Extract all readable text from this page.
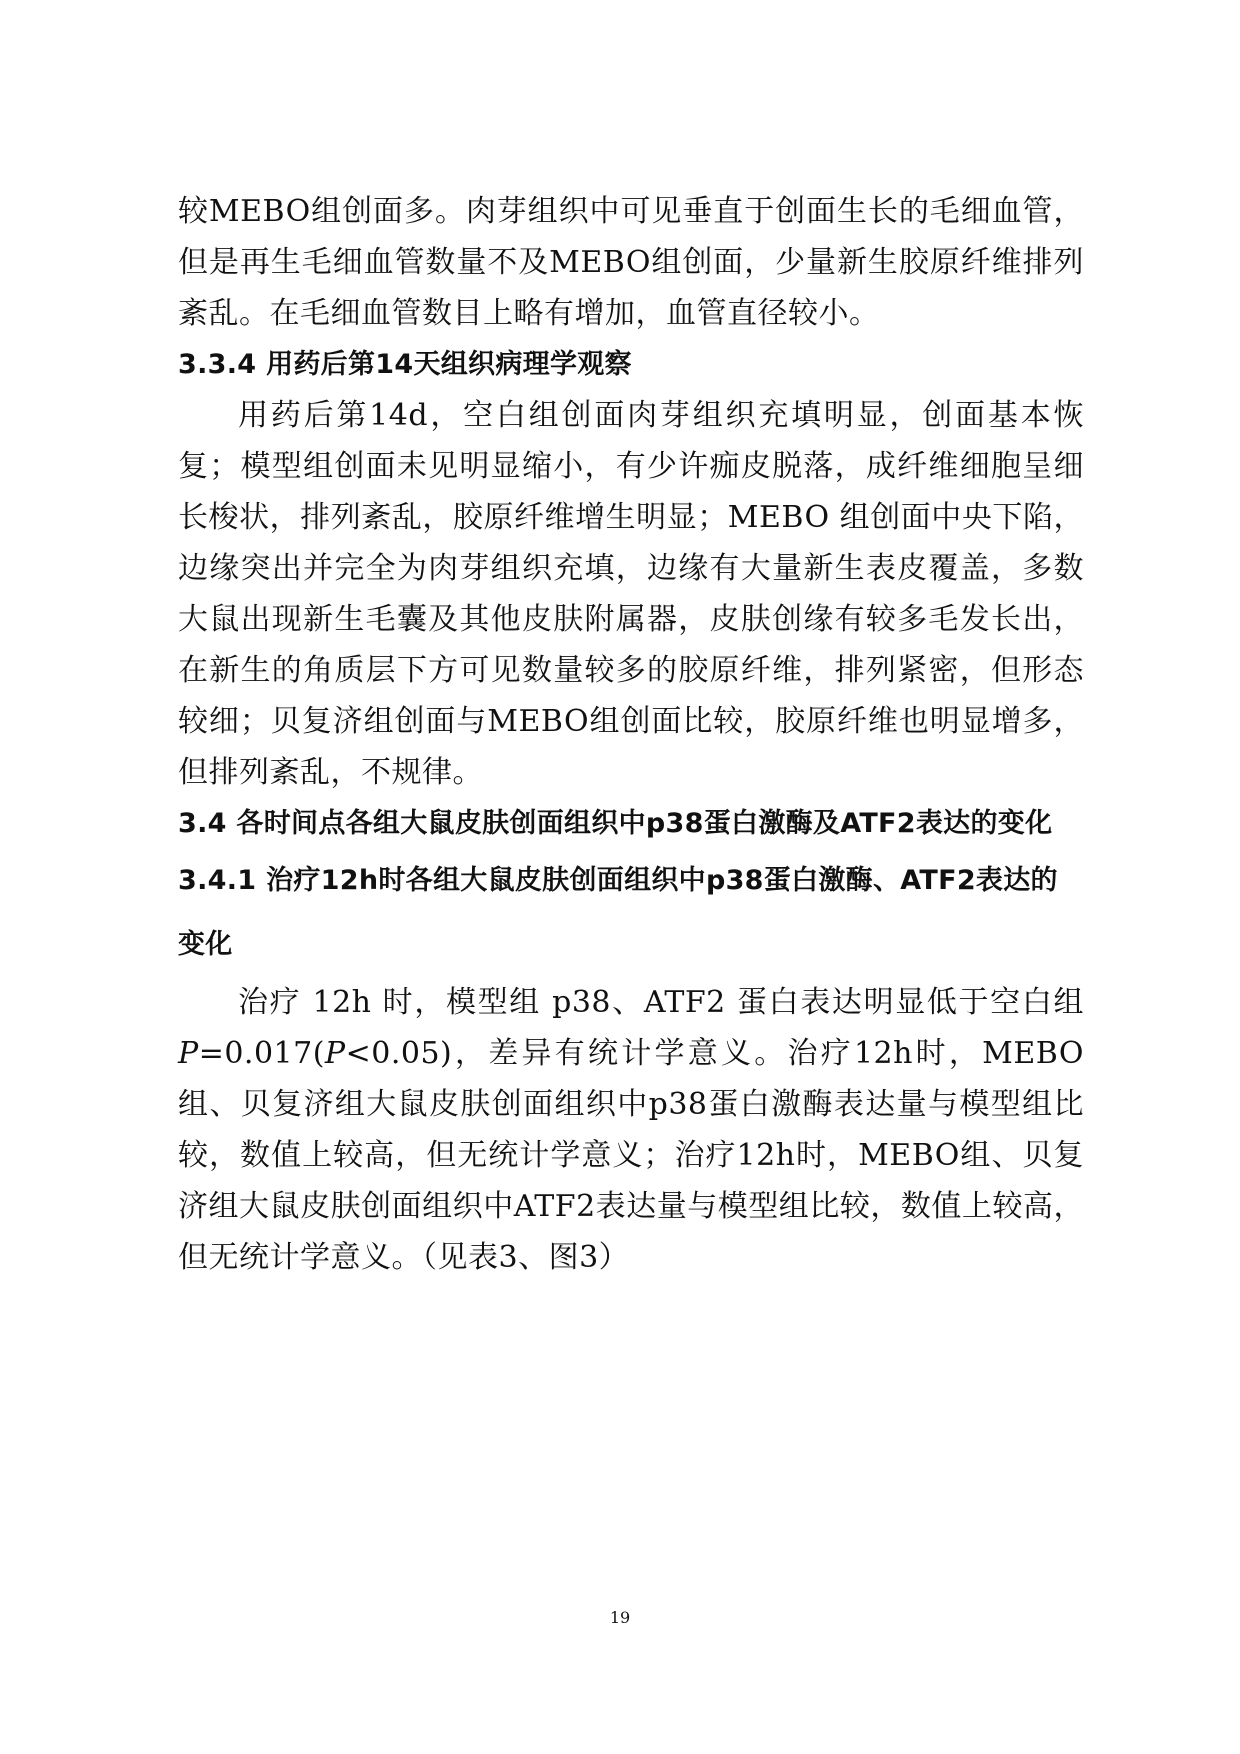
较MEBO组创面多。肉芽组织中可见垂直于创面生长的毛细血管，但是再生毛细血管数量不及MEBO组创面，少量新生胶原纤维排列紊乱。在毛细血管数目上略有增加，血管直径较小。

3.3.4 用药后第14天组织病理学观察

用药后第14d，空白组创面肉芽组织充填明显，创面基本恢复；模型组创面未见明显缩小，有少许痂皮脱落，成纤维细胞呈细长梭状，排列紊乱，胶原纤维增生明显；MEBO 组创面中央下陷，边缘突出并完全为肉芽组织充填，边缘有大量新生表皮覆盖，多数大鼠出现新生毛囊及其他皮肤附属器，皮肤创缘有较多毛发长出，在新生的角质层下方可见数量较多的胶原纤维，排列紧密，但形态较细；贝复济组创面与MEBO组创面比较，胶原纤维也明显增多，但排列紊乱，不规律。

3.4 各时间点各组大鼠皮肤创面组织中p38蛋白激酶及ATF2表达的变化

3.4.1 治疗12h时各组大鼠皮肤创面组织中p38蛋白激酶、ATF2表达的变化

治疗 12h 时，模型组 p38、ATF2 蛋白表达明显低于空白组 P=0.017(P<0.05)，差异有统计学意义。治疗12h时，MEBO组、贝复济组大鼠皮肤创面组织中p38蛋白激酶表达量与模型组比较，数值上较高，但无统计学意义；治疗12h时，MEBO组、贝复济组大鼠皮肤创面组织中ATF2表达量与模型组比较，数值上较高，但无统计学意义。（见表3、图3）

19
